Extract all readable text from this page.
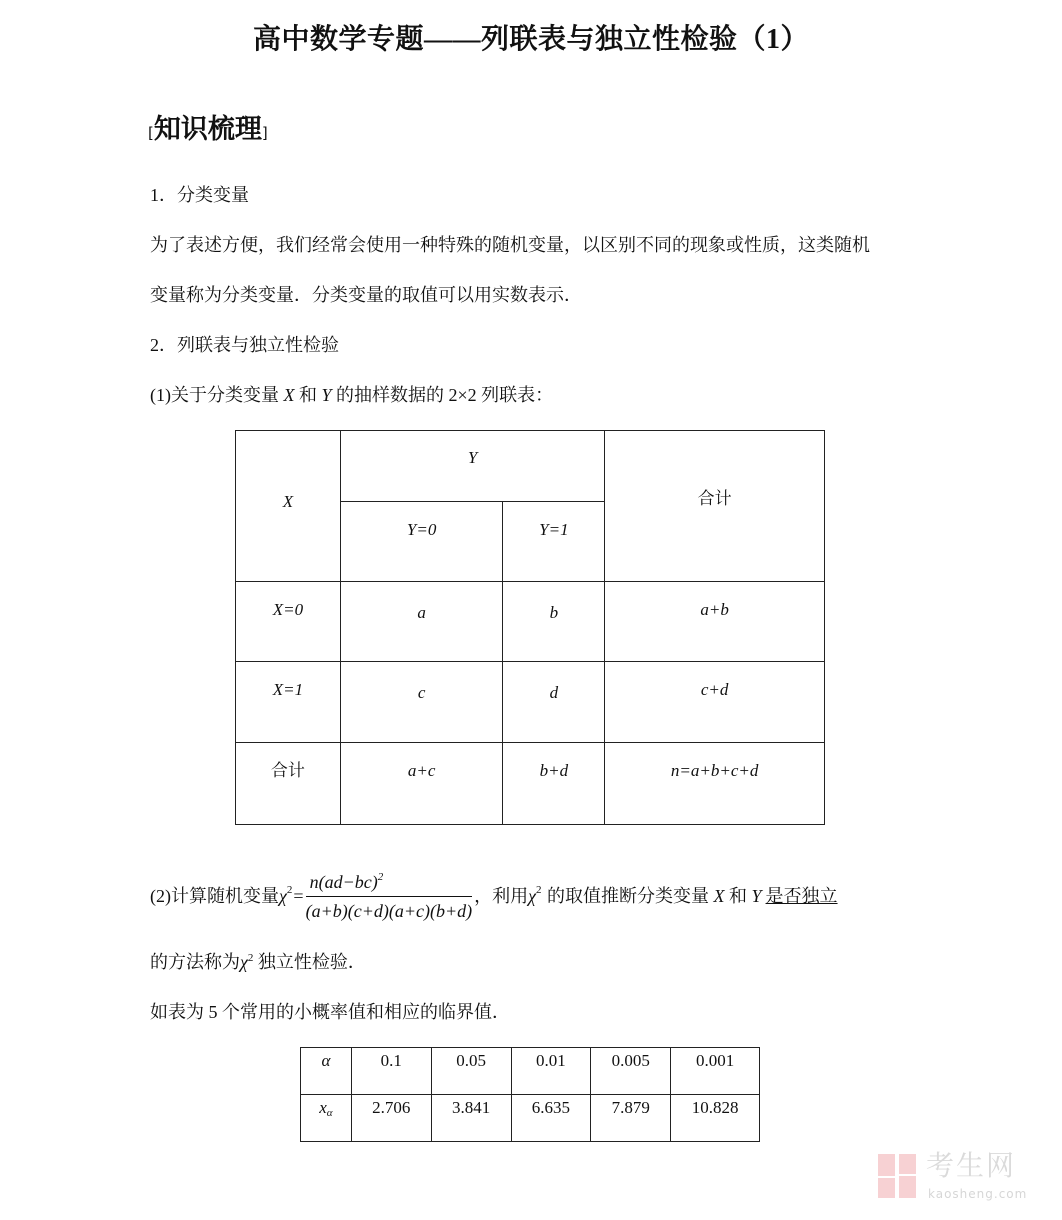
高中数学专题——列联表与独立性检验（1）
[知识梳理]
1．分类变量
为了表述方便，我们经常会使用一种特殊的随机变量，以区别不同的现象或性质，这类随机
变量称为分类变量．分类变量的取值可以用实数表示．
2．列联表与独立性检验
(1)关于分类变量 X 和 Y 的抽样数据的 2×2 列联表：
X	Y		合计
	Y=0	Y=1	
X=0	a	b	a+b
X=1	c	d	c+d
合计	a+c	b+d	n=a+b+c+d
(2)计算随机变量 χ $2 = \frac{n(ad-bc)^2}{(a+b)(c+d)(a+c)(b+d)}$ ，利用 χ 2 的取值推断分类变量 X 和 Y 是否独立
的方法称为$\chi^2$ 独立性检验．
如表为 5 个常用的小概率值和相应的临界值．
α	0.1	0.05	0.01	0.005	0.001
$x_\alpha$	2.706	3.841	6.635	7.879	10.828
考生网
kaosheng.com
